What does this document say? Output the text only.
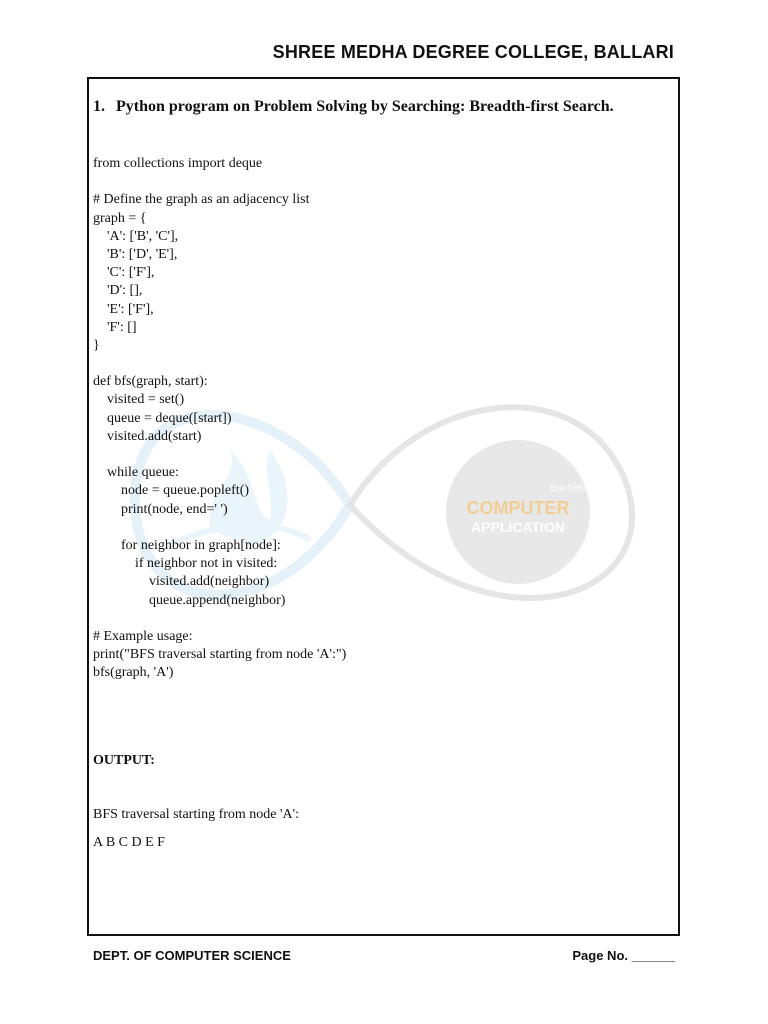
SHREE MEDHA DEGREE COLLEGE, BALLARI
Bachelor of
COMPUTER
APPLICATION
1. Python program on Problem Solving by Searching: Breadth-first Search.
from collections import deque
# Define the graph as an adjacency list
graph = {
'A': ['B', 'C'],
'B': ['D', 'E'],
'C': ['F'],
'D': [],
'E': ['F'],
'F': []
}
def bfs(graph, start):
visited = set()
queue = deque([start])
visited.add(start)
while queue:
node = queue.popleft()
print(node, end=' ')
for neighbor in graph[node]:
if neighbor not in visited:
visited.add(neighbor)
queue.append(neighbor)
# Example usage:
print("BFS traversal starting from node 'A':")
bfs(graph, 'A')
OUTPUT:
BFS traversal starting from node 'A':
A B C D E F
DEPT. OF COMPUTER SCIENCE	Page No. ______
